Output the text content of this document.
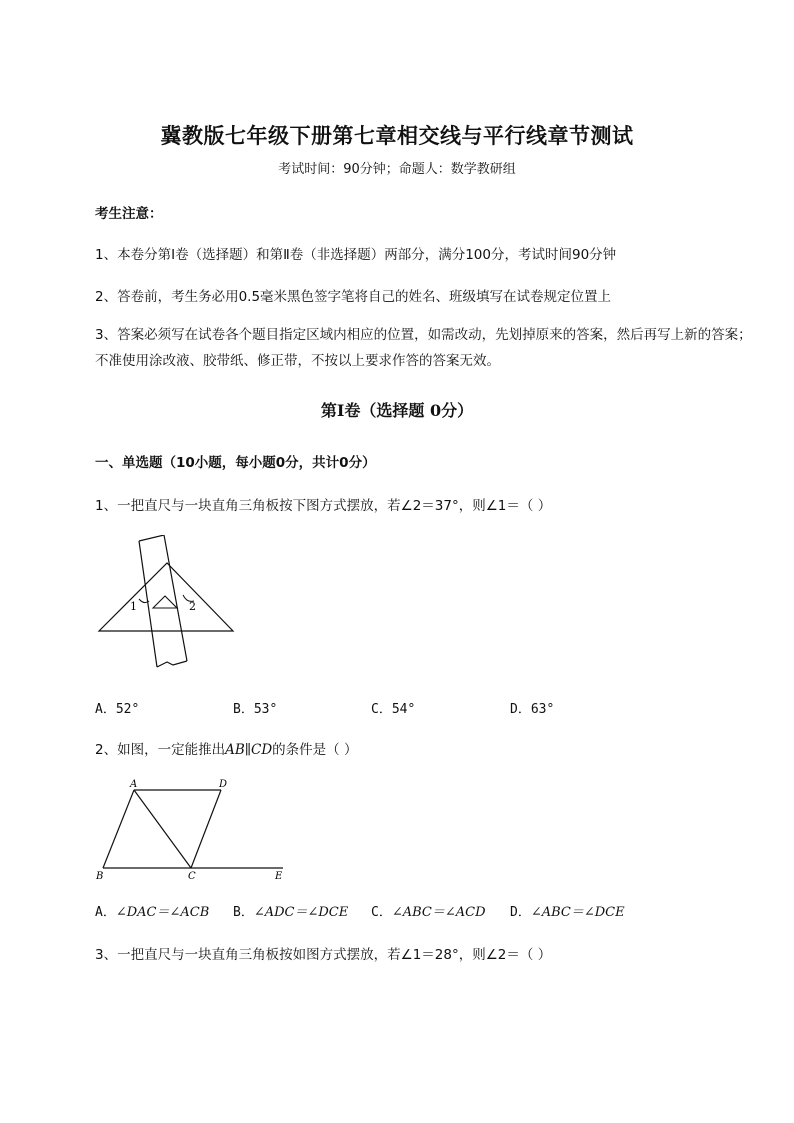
冀教版七年级下册第七章相交线与平行线章节测试
考试时间：90分钟；命题人：数学教研组
考生注意：
1、本卷分第I卷（选择题）和第Ⅱ卷（非选择题）两部分，满分100分，考试时间90分钟
2、答卷前，考生务必用0.5毫米黑色签字笔将自己的姓名、班级填写在试卷规定位置上
3、答案必须写在试卷各个题目指定区域内相应的位置，如需改动，先划掉原来的答案，然后再写上新的答案；不准使用涂改液、胶带纸、修正带，不按以上要求作答的答案无效。
第I卷（选择题 0分）
一、单选题（10小题，每小题0分，共计0分）
1、一把直尺与一块直角三角板按下图方式摆放，若∠2＝37°，则∠1＝（ ）
1	2
A．52°	B．53°	C．54°	D．63°
2、如图，一定能推出AB∥CD的条件是（ ）
A	D
B	C	E
A．∠DAC＝∠ACB B．∠ADC＝∠DCE C．∠ABC＝∠ACD D．∠ABC＝∠DCE
3、一把直尺与一块直角三角板按如图方式摆放，若∠1＝28°，则∠2＝（ ）
